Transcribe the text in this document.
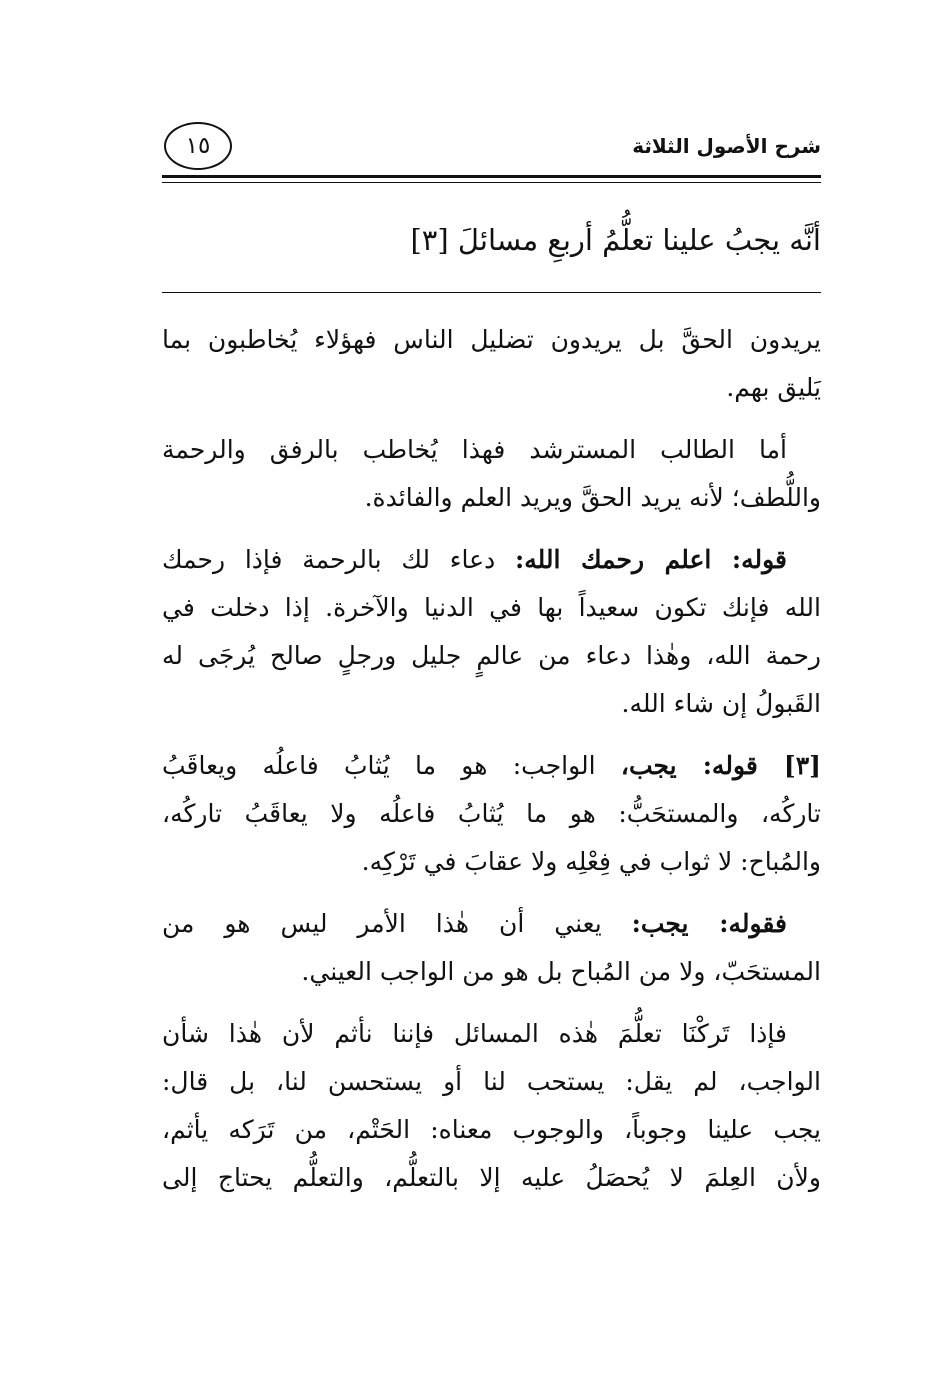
شرح الأصول الثلاثة
١٥
أنَّه يجبُ علينا تعلُّمُ أربعِ مسائلَ [٣]
يريدون الحقَّ بل يريدون تضليل الناس فهؤلاء يُخاطبون بما
يَليق بهم.
أما الطالب المسترشد فهذا يُخاطب بالرفق والرحمة
واللُّطف؛ لأنه يريد الحقَّ ويريد العلم والفائدة.
قوله: اعلم رحمك الله: دعاء لك بالرحمة فإذا رحمك
الله فإنك تكون سعيداً بها في الدنيا والآخرة. إذا دخلت في
رحمة الله، وهٰذا دعاء من عالمٍ جليل ورجلٍ صالح يُرجَى له
القَبولُ إن شاء الله.
[٣] قوله: يجب، الواجب: هو ما يُثابُ فاعلُه ويعاقَبُ
تاركُه، والمستحَبُّ: هو ما يُثابُ فاعلُه ولا يعاقَبُ تاركُه،
والمُباح: لا ثواب في فِعْلِه ولا عقابَ في تَرْكِه.
فقوله: يجب: يعني أن هٰذا الأمر ليس هو من
المستحَبّ، ولا من المُباح بل هو من الواجب العيني.
فإذا تَركْنَا تعلُّمَ هٰذه المسائل فإننا نأثم لأن هٰذا شأن
الواجب، لم يقل: يستحب لنا أو يستحسن لنا، بل قال:
يجب علينا وجوباً، والوجوب معناه: الحَتْم، من تَرَكه يأثم،
ولأن العِلمَ لا يُحصَلُ عليه إلا بالتعلُّم، والتعلُّم يحتاج إلى
